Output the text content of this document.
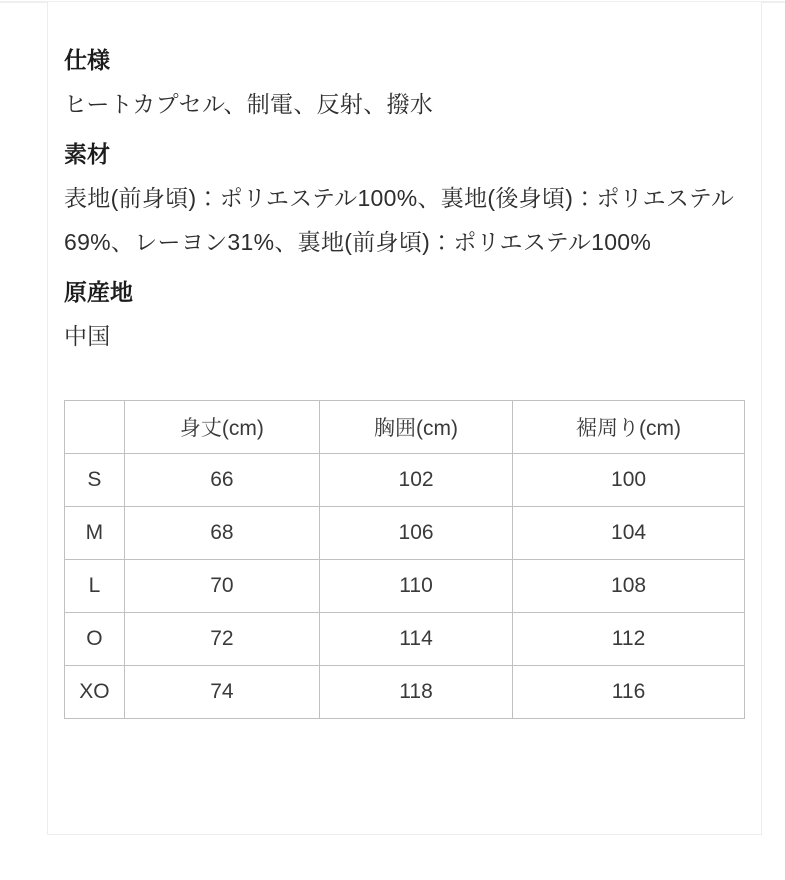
仕様

ヒートカプセル、制電、反射、撥水

素材

表地(前身頃)：ポリエステル100%、裏地(後身頃)：ポリエステル69%、レーヨン31%、裏地(前身頃)：ポリエステル100%

原産地

中国

	身丈(cm)	胸囲(cm)	裾周り(cm)
S	66	102	100
M	68	106	104
L	70	110	108
O	72	114	112
XO	74	118	116
